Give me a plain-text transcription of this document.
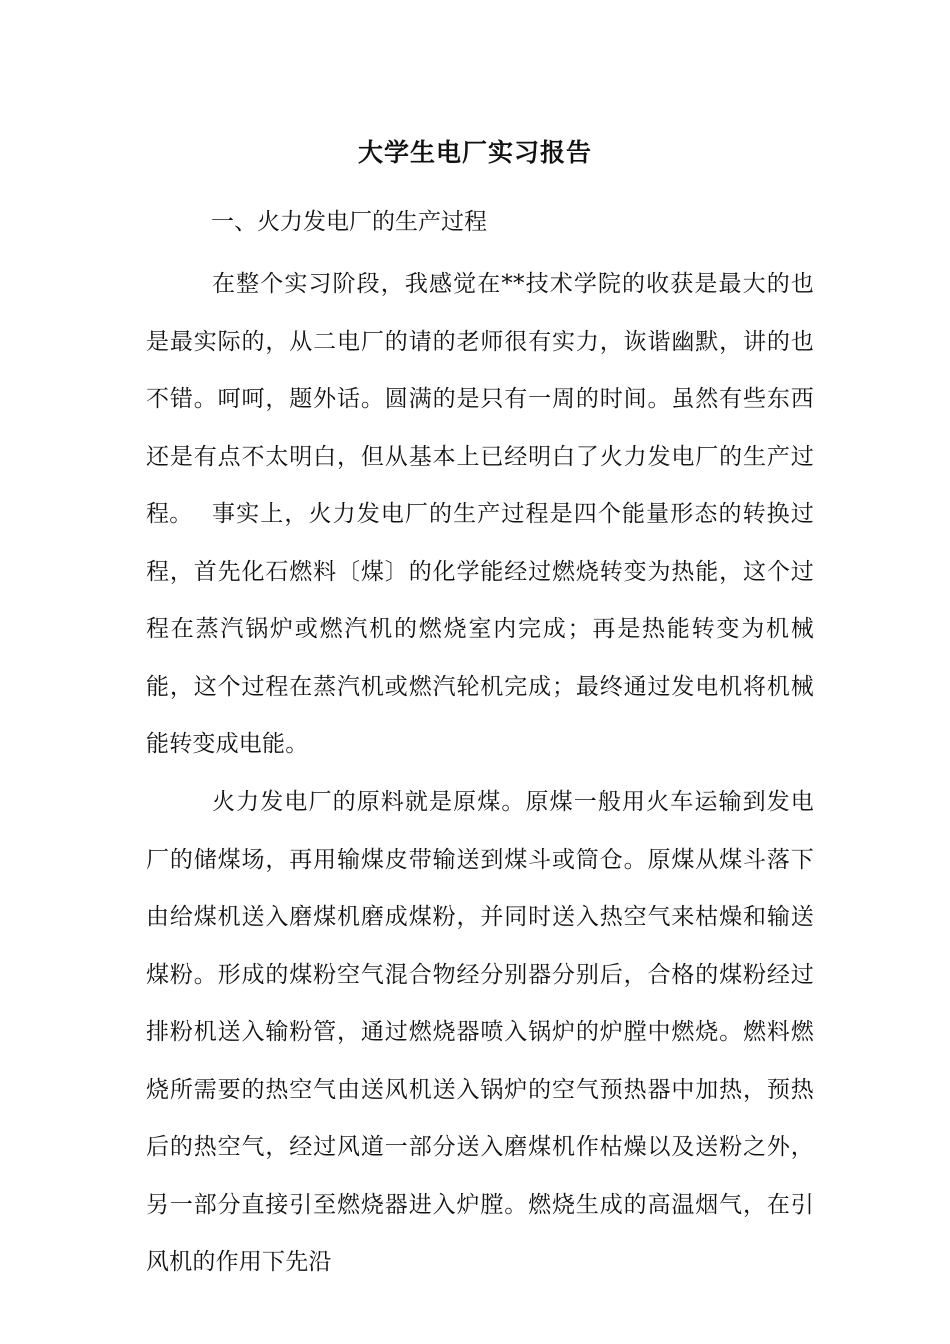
大学生电厂实习报告
一、火力发电厂的生产过程

在整个实习阶段，我感觉在**技术学院的收获是最大的也是最实际的，从二电厂的请的老师很有实力，诙谐幽默，讲的也不错。呵呵，题外话。圆满的是只有一周的时间。虽然有些东西还是有点不太明白，但从基本上已经明白了火力发电厂的生产过程。 事实上，火力发电厂的生产过程是四个能量形态的转换过程，首先化石燃料〔煤〕的化学能经过燃烧转变为热能，这个过程在蒸汽锅炉或燃汽机的燃烧室内完成；再是热能转变为机械能，这个过程在蒸汽机或燃汽轮机完成；最终通过发电机将机械能转变成电能。

火力发电厂的原料就是原煤。原煤一般用火车运输到发电厂的储煤场，再用输煤皮带输送到煤斗或筒仓。原煤从煤斗落下由给煤机送入磨煤机磨成煤粉，并同时送入热空气来枯燥和输送煤粉。形成的煤粉空气混合物经分别器分别后，合格的煤粉经过排粉机送入输粉管，通过燃烧器喷入锅炉的炉膛中燃烧。燃料燃烧所需要的热空气由送风机送入锅炉的空气预热器中加热，预热后的热空气，经过风道一部分送入磨煤机作枯燥以及送粉之外，另一部分直接引至燃烧器进入炉膛。燃烧生成的高温烟气，在引风机的作用下先沿
